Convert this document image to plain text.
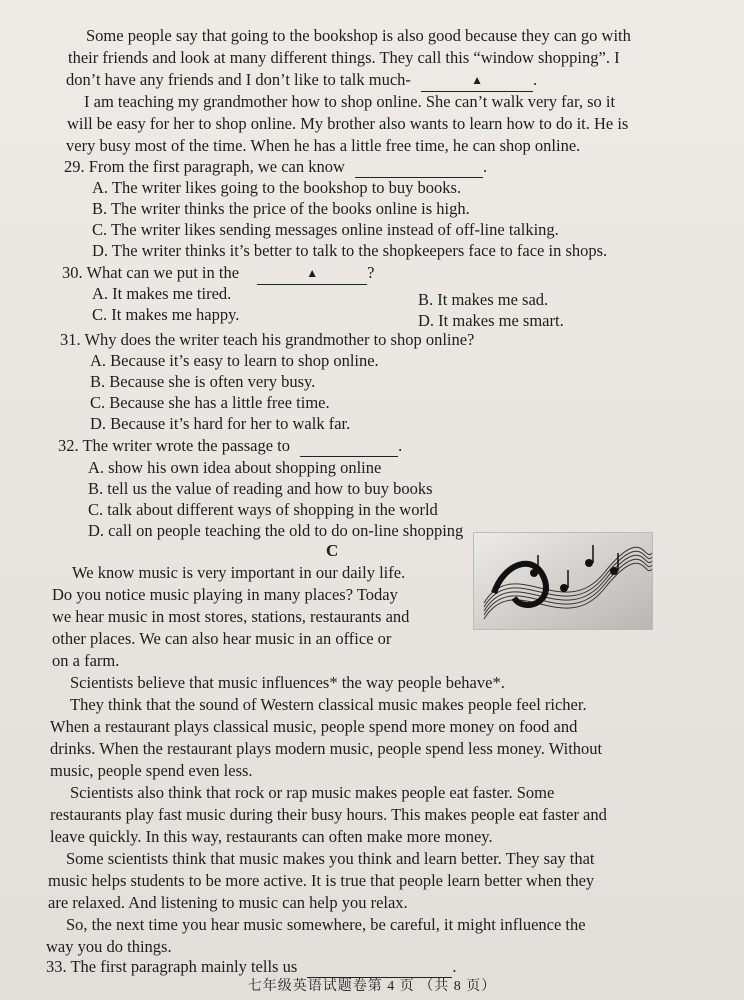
Some people say that going to the bookshop is also good because they can go with
their friends and look at many different things. They call this “window shopping”. I
don’t have any friends and I don’t like to talk much-	▲	.
I am teaching my grandmother how to shop online. She can’t walk very far, so it
will be easy for her to shop online. My brother also wants to learn how to do it. He is
very busy most of the time. When he has a little free time, he can shop online.
29. From the first paragraph, we can know	.
A. The writer likes going to the bookshop to buy books.
B. The writer thinks the price of the books online is high.
C. The writer likes sending messages online instead of off-line talking.
D. The writer thinks it’s better to talk to the shopkeepers face to face in shops.
30. What can we put in the	▲	?
A. It makes me tired.	B. It makes me sad.
C. It makes me happy.	D. It makes me smart.
31. Why does the writer teach his grandmother to shop online?
A. Because it’s easy to learn to shop online.
B. Because she is often very busy.
C. Because she has a little free time.
D. Because it’s hard for her to walk far.
32. The writer wrote the passage to	.
A. show his own idea about shopping online
B. tell us the value of reading and how to buy books
C. talk about different ways of shopping in the world
D. call on people teaching the old to do on-line shopping
C
We know music is very important in our daily life.
Do you notice music playing in many places? Today
we hear music in most stores, stations, restaurants and
other places. We can also hear music in an office or
on a farm.
Scientists believe that music influences* the way people behave*.
They think that the sound of Western classical music makes people feel richer.
When a restaurant plays classical music, people spend more money on food and
drinks. When the restaurant plays modern music, people spend less money. Without
music, people spend even less.
Scientists also think that rock or rap music makes people eat faster. Some
restaurants play fast music during their busy hours. This makes people eat faster and
leave quickly. In this way, restaurants can often make more money.
Some scientists think that music makes you think and learn better. They say that
music helps students to be more active. It is true that people learn better when they
are relaxed. And listening to music can help you relax.
So, the next time you hear music somewhere, be careful, it might influence the
way you do things.
33. The first paragraph mainly tells us	.
七年级英语试题卷第 4 页 （共 8 页）
